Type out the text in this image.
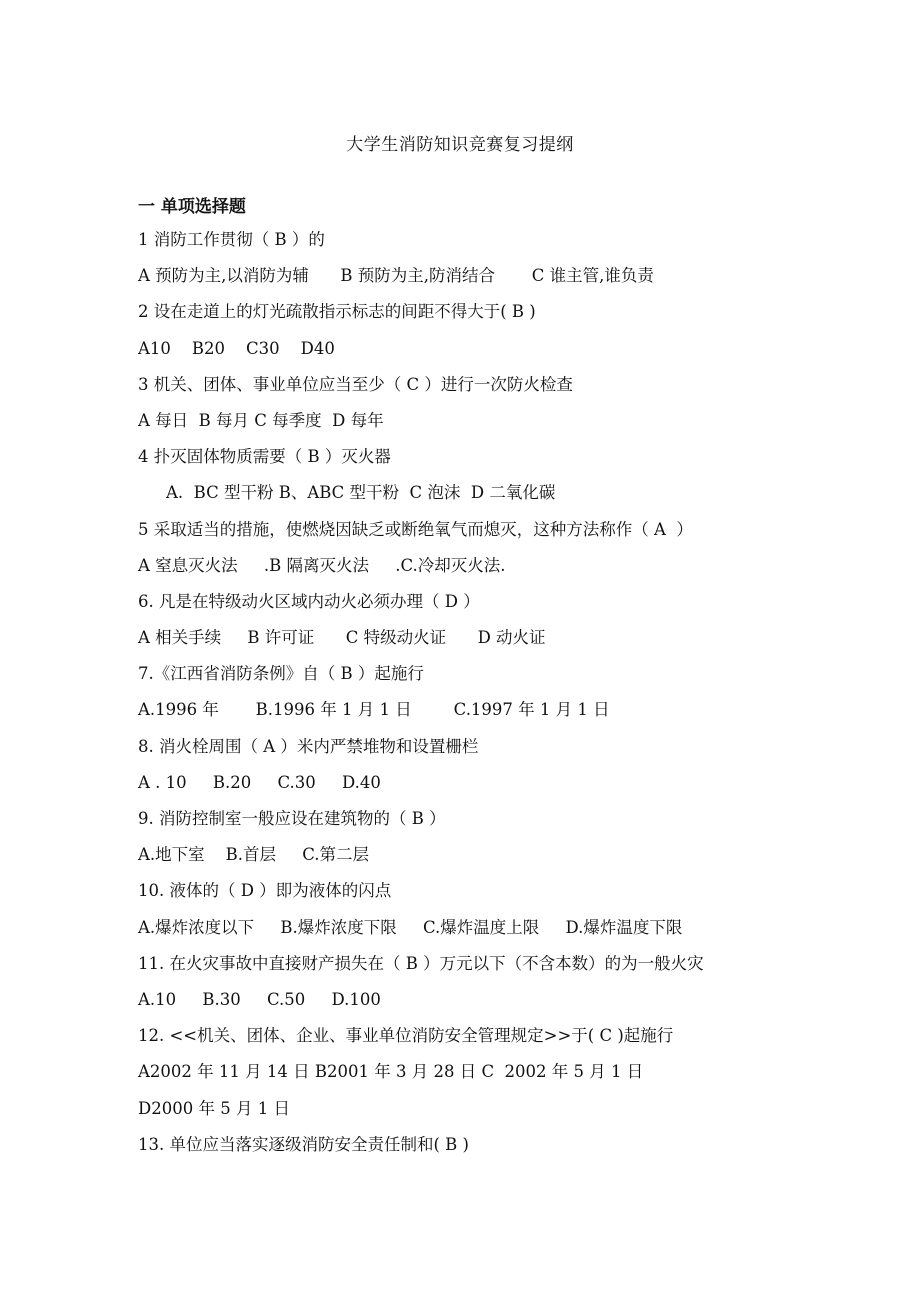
大学生消防知识竞赛复习提纲
一 单项选择题
1 消防工作贯彻（ B ）的
A 预防为主,以消防为辅      B 预防为主,防消结合       C 谁主管,谁负责
2 设在走道上的灯光疏散指示标志的间距不得大于( B )
A10    B20    C30    D40
3 机关、团体、事业单位应当至少（ C ）进行一次防火检查
A 每日  B 每月 C 每季度  D 每年
4 扑灭固体物质需要（ B ）灭火器
A.  BC 型干粉 B、ABC 型干粉  C 泡沫  D 二氧化碳
5 采取适当的措施，使燃烧因缺乏或断绝氧气而熄灭，这种方法称作（ A  ）
A 窒息灭火法     .B 隔离灭火法     .C.冷却灭火法.
6. 凡是在特级动火区域内动火必须办理（ D ）
A 相关手续     B 许可证      C 特级动火证      D 动火证
7.《江西省消防条例》自（ B ）起施行
A.1996 年       B.1996 年 1 月 1 日        C.1997 年 1 月 1 日
8. 消火栓周围（ A ）米内严禁堆物和设置栅栏
A . 10     B.20     C.30     D.40
9. 消防控制室一般应设在建筑物的（ B ）
A.地下室    B.首层     C.第二层
10. 液体的（ D ）即为液体的闪点
A.爆炸浓度以下     B.爆炸浓度下限     C.爆炸温度上限     D.爆炸温度下限
11. 在火灾事故中直接财产损失在（ B ）万元以下（不含本数）的为一般火灾
A.10     B.30     C.50     D.100
12. <<机关、团体、企业、事业单位消防安全管理规定>>于( C )起施行
A2002 年 11 月 14 日 B2001 年 3 月 28 日 C  2002 年 5 月 1 日
D2000 年 5 月 1 日
13. 单位应当落实逐级消防安全责任制和( B )
